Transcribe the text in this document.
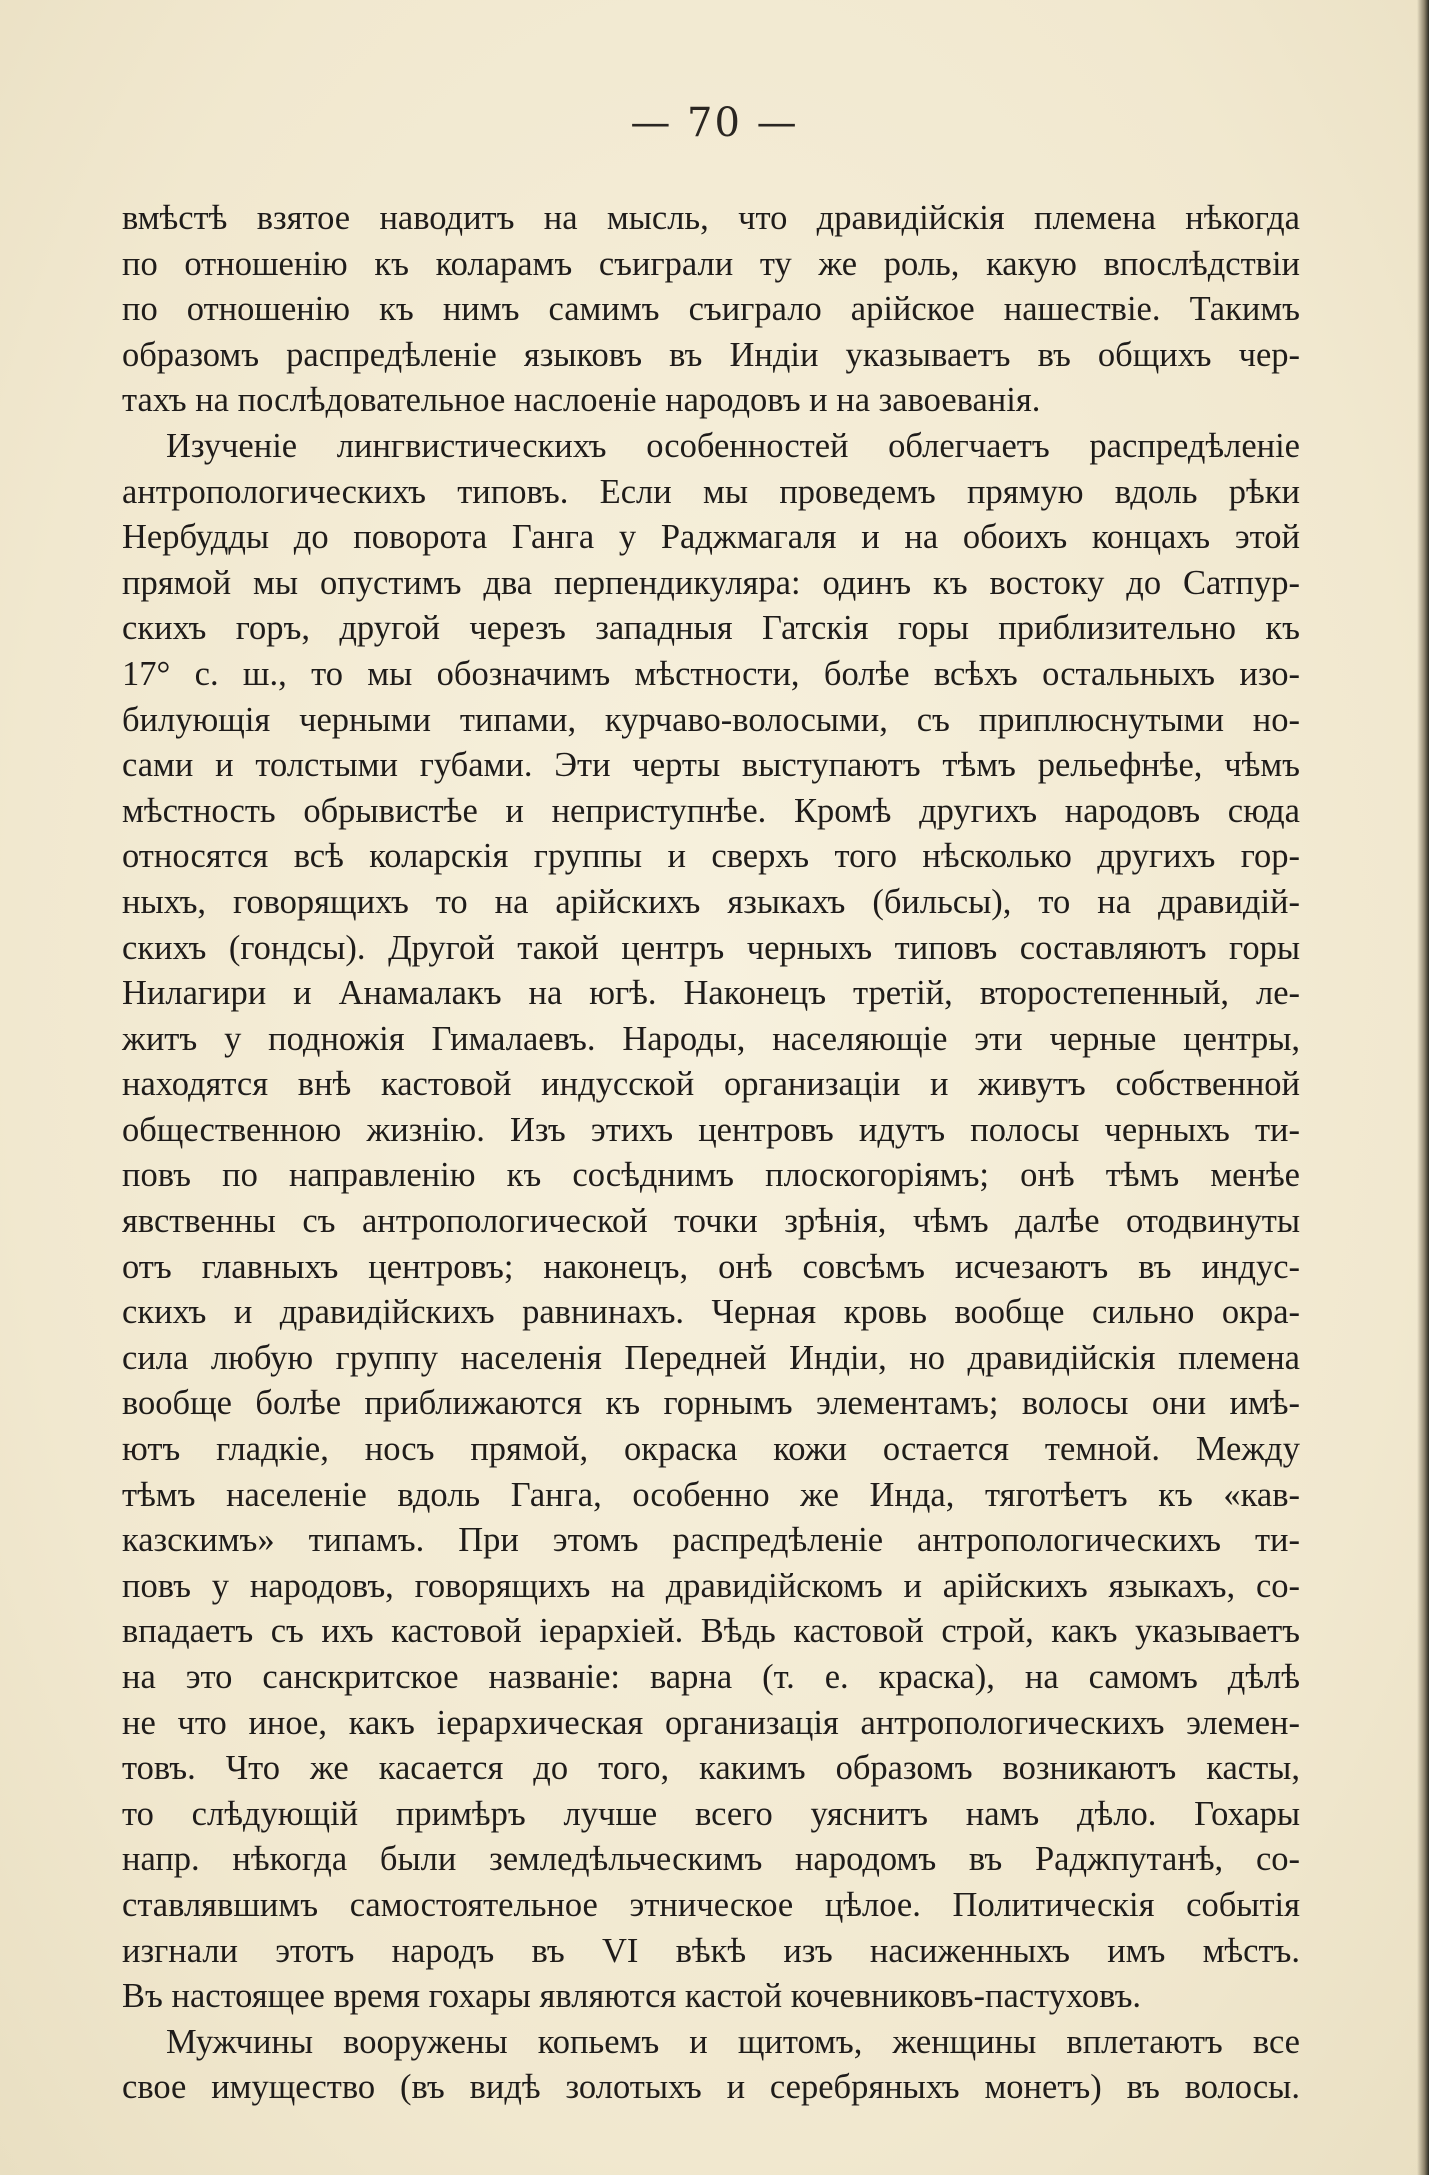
— 70 —
вмѣстѣ взятое наводитъ на мысль, что дравидійскія племена нѣкогда
по отношенію къ коларамъ съиграли ту же роль, какую впослѣдствіи
по отношенію къ нимъ самимъ съиграло арійское нашествіе. Такимъ
образомъ распредѣленіе языковъ въ Индіи указываетъ въ общихъ чер-
тахъ на послѣдовательное наслоеніе народовъ и на завоеванія.
Изученіе лингвистическихъ особенностей облегчаетъ распредѣленіе
антропологическихъ типовъ. Если мы проведемъ прямую вдоль рѣки
Нербудды до поворота Ганга у Раджмагаля и на обоихъ концахъ этой
прямой мы опустимъ два перпендикуляра: одинъ къ востоку до Сатпур-
скихъ горъ, другой черезъ западныя Гатскія горы приблизительно къ
17° с. ш., то мы обозначимъ мѣстности, болѣе всѣхъ остальныхъ изо-
билующія черными типами, курчаво-волосыми, съ приплюснутыми но-
сами и толстыми губами. Эти черты выступаютъ тѣмъ рельефнѣе, чѣмъ
мѣстность обрывистѣе и неприступнѣе. Кромѣ другихъ народовъ сюда
относятся всѣ коларскія группы и сверхъ того нѣсколько другихъ гор-
ныхъ, говорящихъ то на арійскихъ языкахъ (бильсы), то на дравидій-
скихъ (гондсы). Другой такой центръ черныхъ типовъ составляютъ горы
Нилагири и Анамалакъ на югѣ. Наконецъ третій, второстепенный, ле-
житъ у подножія Гималаевъ. Народы, населяющіе эти черные центры,
находятся внѣ кастовой индусской организаціи и живутъ собственной
общественною жизнію. Изъ этихъ центровъ идутъ полосы черныхъ ти-
повъ по направленію къ сосѣднимъ плоскогоріямъ; онѣ тѣмъ менѣе
явственны съ антропологической точки зрѣнія, чѣмъ далѣе отодвинуты
отъ главныхъ центровъ; наконецъ, онѣ совсѣмъ исчезаютъ въ индус-
скихъ и дравидійскихъ равнинахъ. Черная кровь вообще сильно окра-
сила любую группу населенія Передней Индіи, но дравидійскія племена
вообще болѣе приближаются къ горнымъ элементамъ; волосы они имѣ-
ютъ гладкіе, носъ прямой, окраска кожи остается темной. Между
тѣмъ населеніе вдоль Ганга, особенно же Инда, тяготѣетъ къ «кав-
казскимъ» типамъ. При этомъ распредѣленіе антропологическихъ ти-
повъ у народовъ, говорящихъ на дравидійскомъ и арійскихъ языкахъ, со-
впадаетъ съ ихъ кастовой іерархіей. Вѣдь кастовой строй, какъ указываетъ
на это санскритское названіе: варна (т. е. краска), на самомъ дѣлѣ
не что иное, какъ іерархическая организація антропологическихъ элемен-
товъ. Что же касается до того, какимъ образомъ возникаютъ касты,
то слѣдующій примѣръ лучше всего уяснитъ намъ дѣло. Гохары
напр. нѣкогда были земледѣльческимъ народомъ въ Раджпутанѣ, со-
ставлявшимъ самостоятельное этническое цѣлое. Политическія событія
изгнали этотъ народъ въ VI вѣкѣ изъ насиженныхъ имъ мѣстъ.
Въ настоящее время гохары являются кастой кочевниковъ-пастуховъ.
Мужчины вооружены копьемъ и щитомъ, женщины вплетаютъ все
свое имущество (въ видѣ золотыхъ и серебряныхъ монетъ) въ волосы.
